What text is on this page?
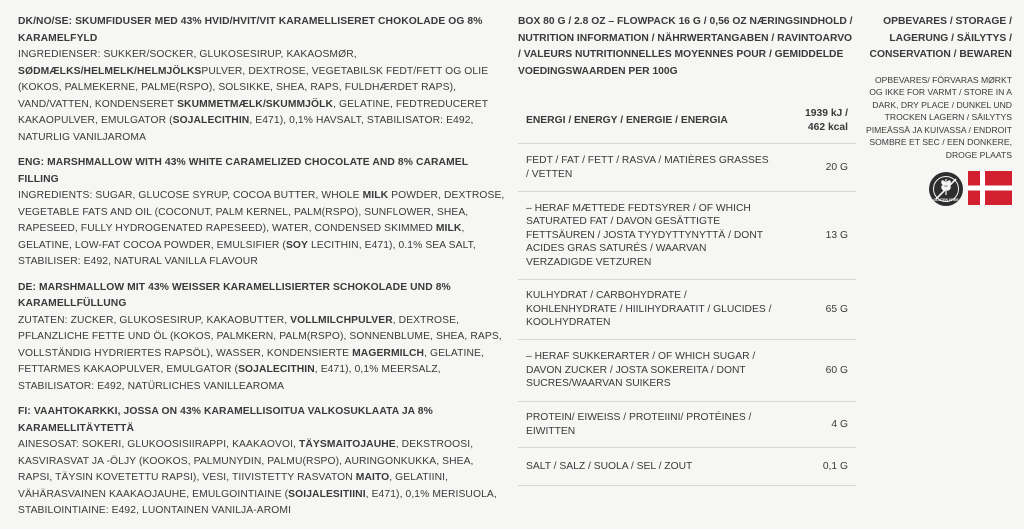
DK/NO/SE: SKUMFIDUSER MED 43% HVID/HVIT/VIT KARAMELLISERET CHOKOLADE OG 8% KARAMELFYLD
INGREDIENSER: SUKKER/SOCKER, GLUKOSESIRUP, KAKAOSMØR, SØDMÆLKS/HELMELK/HELMJÖLKSPULVER, DEXTROSE, VEGETABILSK FEDT/FETT OG OLIE (KOKOS, PALMEKERNE, PALME(RSPO), SOLSIKKE, SHEA, RAPS, FULDHÆRDET RAPS), VAND/VATTEN, KONDENSERET SKUMMETMÆLK/SKUMMJÖLK, GELATINE, FEDTREDUCERET KAKAOPULVER, EMULGATOR (SOJALECITHIN, E471), 0,1% HAVSALT, STABILISATOR: E492, NATURLIG VANILJAROMA
ENG: MARSHMALLOW WITH 43% WHITE CARAMELIZED CHOCOLATE AND 8% CARAMEL FILLING
INGREDIENTS: SUGAR, GLUCOSE SYRUP, COCOA BUTTER, WHOLE MILK POWDER, DEXTROSE, VEGETABLE FATS AND OIL (COCONUT, PALM KERNEL, PALM(RSPO), SUNFLOWER, SHEA, RAPESEED, FULLY HYDROGENATED RAPESEED), WATER, CONDENSED SKIMMED MILK, GELATINE, LOW-FAT COCOA POWDER, EMULSIFIER (SOY LECITHIN, E471), 0.1% SEA SALT, STABILISER: E492, NATURAL VANILLA FLAVOUR
DE: MARSHMALLOW MIT 43% WEISSER KARAMELLISIERTER SCHOKOLADE UND 8% KARAMELLFÜLLUNG
ZUTATEN: ZUCKER, GLUKOSESIRUP, KAKAOBUTTER, VOLLMILCHPULVER, DEXTROSE, PFLANZLICHE FETTE UND ÖL (KOKOS, PALMKERN, PALM(RSPO), SONNENBLUME, SHEA, RAPS, VOLLSTÄNDIG HYDRIERTES RAPSÖL), WASSER, KONDENSIERTE MAGERMILCH, GELATINE, FETTARMES KAKAOPULVER, EMULGATOR (SOJALECITHIN, E471), 0,1% MEERSALZ, STABILISATOR: E492, NATÜRLICHES VANILLEAROMA
FI: VAAHTOKARKKI, JOSSA ON 43% KARAMELLISOITUA VALKOSUKLAATA JA 8% KARAMELLITÄYTETTÄ
AINESOSAT: SOKERI, GLUKOOSISIIRAPPI, KAAKAOVOI, TÄYSMAITOJAUHE, DEKSTROOSI, KASVIRASVAT JA -ÖLJY (KOOKOS, PALMUNYDIN, PALMU(RSPO), AURINGONKUKKA, SHEA, RAPSI, TÄYSIN KOVETETTU RAPSI), VESI, TIIVISTETTY RASVATON MAITO, GELATIINI, VÄHÄRASVAINEN KAAKAOJAUHE, EMULGOINTIAINE (SOIJALESITIINI, E471), 0,1% MERISUOLA, STABILOINTIAINE: E492, LUONTAINEN VANILJA-AROMI
BOX 80 G / 2.8 OZ – FLOWPACK 16 G / 0,56 OZ NÆRINGSINDHOLD / NUTRITION INFORMATION / NÄHRWERTANGABEN / RAVINTOARVO / VALEURS NUTRITIONNELLES MOYENNES POUR / GEMIDDELDE VOEDINGSWAARDEN PER 100G
ENERGI / ENERGY / ENERGIE / ENERGIA
1939 kJ /
462 kcal
FEDT / FAT / FETT / RASVA / MATIÈRES GRASSES / VETTEN
20 G
– HERAF MÆTTEDE FEDTSYRER / OF WHICH SATURATED FAT / DAVON GESÄTTIGTE FETTSÄUREN / JOSTA TYYDYTTYNYTTÄ / DONT ACIDES GRAS SATURÉS / WAARVAN VERZADIGDE VETZUREN
13 G
KULHYDRAT / CARBOHYDRATE / KOHLENHYDRATE / HIILIHYDRAATIT / GLUCIDES / KOOLHYDRATEN
65 G
– HERAF SUKKERARTER / OF WHICH SUGAR / DAVON ZUCKER / JOSTA SOKEREITA / DONT SUCRES/WAARVAN SUIKERS
60 G
PROTEIN/ EIWEISS / PROTEIINI/ PROTÉINES / EIWITTEN
4 G
SALT / SALZ / SUOLA / SEL / ZOUT	0,1 G
OPBEVARES / STORAGE / LAGERUNG / SÄILYTYS / CONSERVATION / BEWAREN
OPBEVARES/ FÖRVARAS MØRKT OG IKKE FOR VARMT / STORE IN A DARK, DRY PLACE / DUNKEL UND TROCKEN LAGERN / SÄILYTYS PIMEÄSSÄ JA KUIVASSA / ENDROIT SOMBRE ET SEC / EEN DONKERE, DROGE PLAATS
GLUTEN FREE
